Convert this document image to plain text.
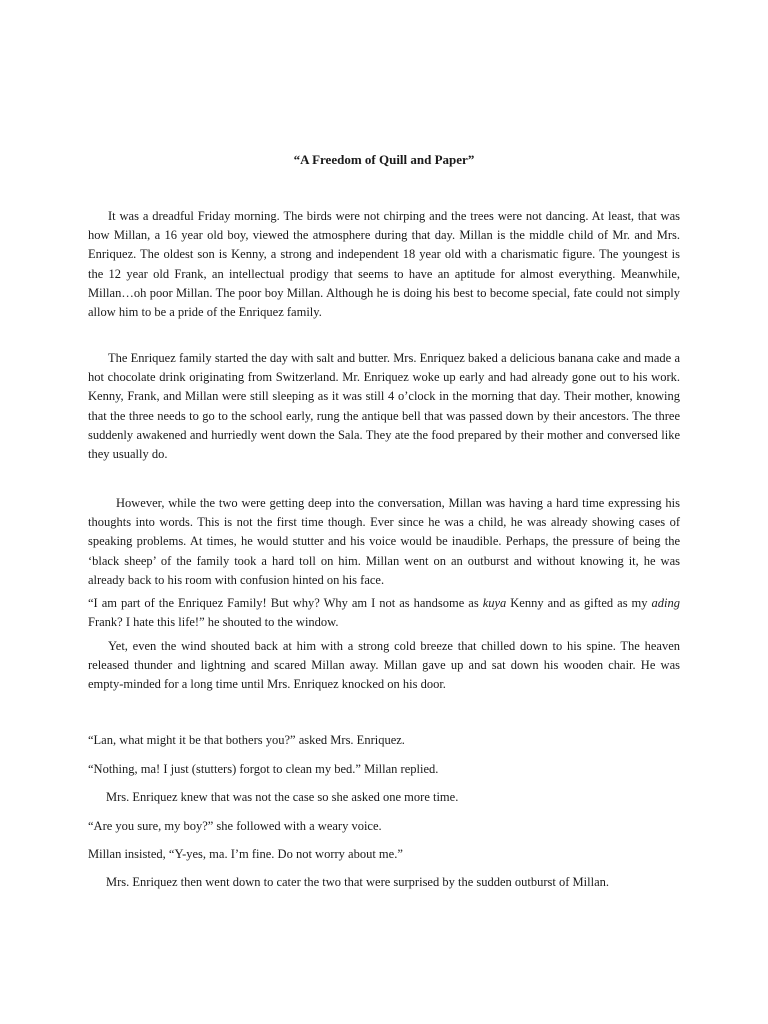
“A Freedom of Quill and Paper”

It was a dreadful Friday morning. The birds were not chirping and the trees were not dancing. At least, that was how Millan, a 16 year old boy, viewed the atmosphere during that day. Millan is the middle child of Mr. and Mrs. Enriquez. The oldest son is Kenny, a strong and independent 18 year old with a charismatic figure. The youngest is the 12 year old Frank, an intellectual prodigy that seems to have an aptitude for almost everything. Meanwhile, Millan…oh poor Millan. The poor boy Millan. Although he is doing his best to become special, fate could not simply allow him to be a pride of the Enriquez family.

The Enriquez family started the day with salt and butter. Mrs. Enriquez baked a delicious banana cake and made a hot chocolate drink originating from Switzerland. Mr. Enriquez woke up early and had already gone out to his work. Kenny, Frank, and Millan were still sleeping as it was still 4 o’clock in the morning that day. Their mother, knowing that the three needs to go to the school early, rung the antique bell that was passed down by their ancestors. The three suddenly awakened and hurriedly went down the Sala. They ate the food prepared by their mother and conversed like they usually do.

However, while the two were getting deep into the conversation, Millan was having a hard time expressing his thoughts into words. This is not the first time though. Ever since he was a child, he was already showing cases of speaking problems. At times, he would stutter and his voice would be inaudible. Perhaps, the pressure of being the ‘black sheep’ of the family took a hard toll on him. Millan went on an outburst and without knowing it, he was already back to his room with confusion hinted on his face.

“I am part of the Enriquez Family! But why? Why am I not as handsome as kuya Kenny and as gifted as my ading Frank? I hate this life!” he shouted to the window.

Yet, even the wind shouted back at him with a strong cold breeze that chilled down to his spine. The heaven released thunder and lightning and scared Millan away. Millan gave up and sat down his wooden chair. He was empty-minded for a long time until Mrs. Enriquez knocked on his door.

“Lan, what might it be that bothers you?” asked Mrs. Enriquez.

“Nothing, ma! I just (stutters) forgot to clean my bed.” Millan replied.

Mrs. Enriquez knew that was not the case so she asked one more time.

“Are you sure, my boy?” she followed with a weary voice.

Millan insisted, “Y-yes, ma. I’m fine. Do not worry about me.”

Mrs. Enriquez then went down to cater the two that were surprised by the sudden outburst of Millan.
